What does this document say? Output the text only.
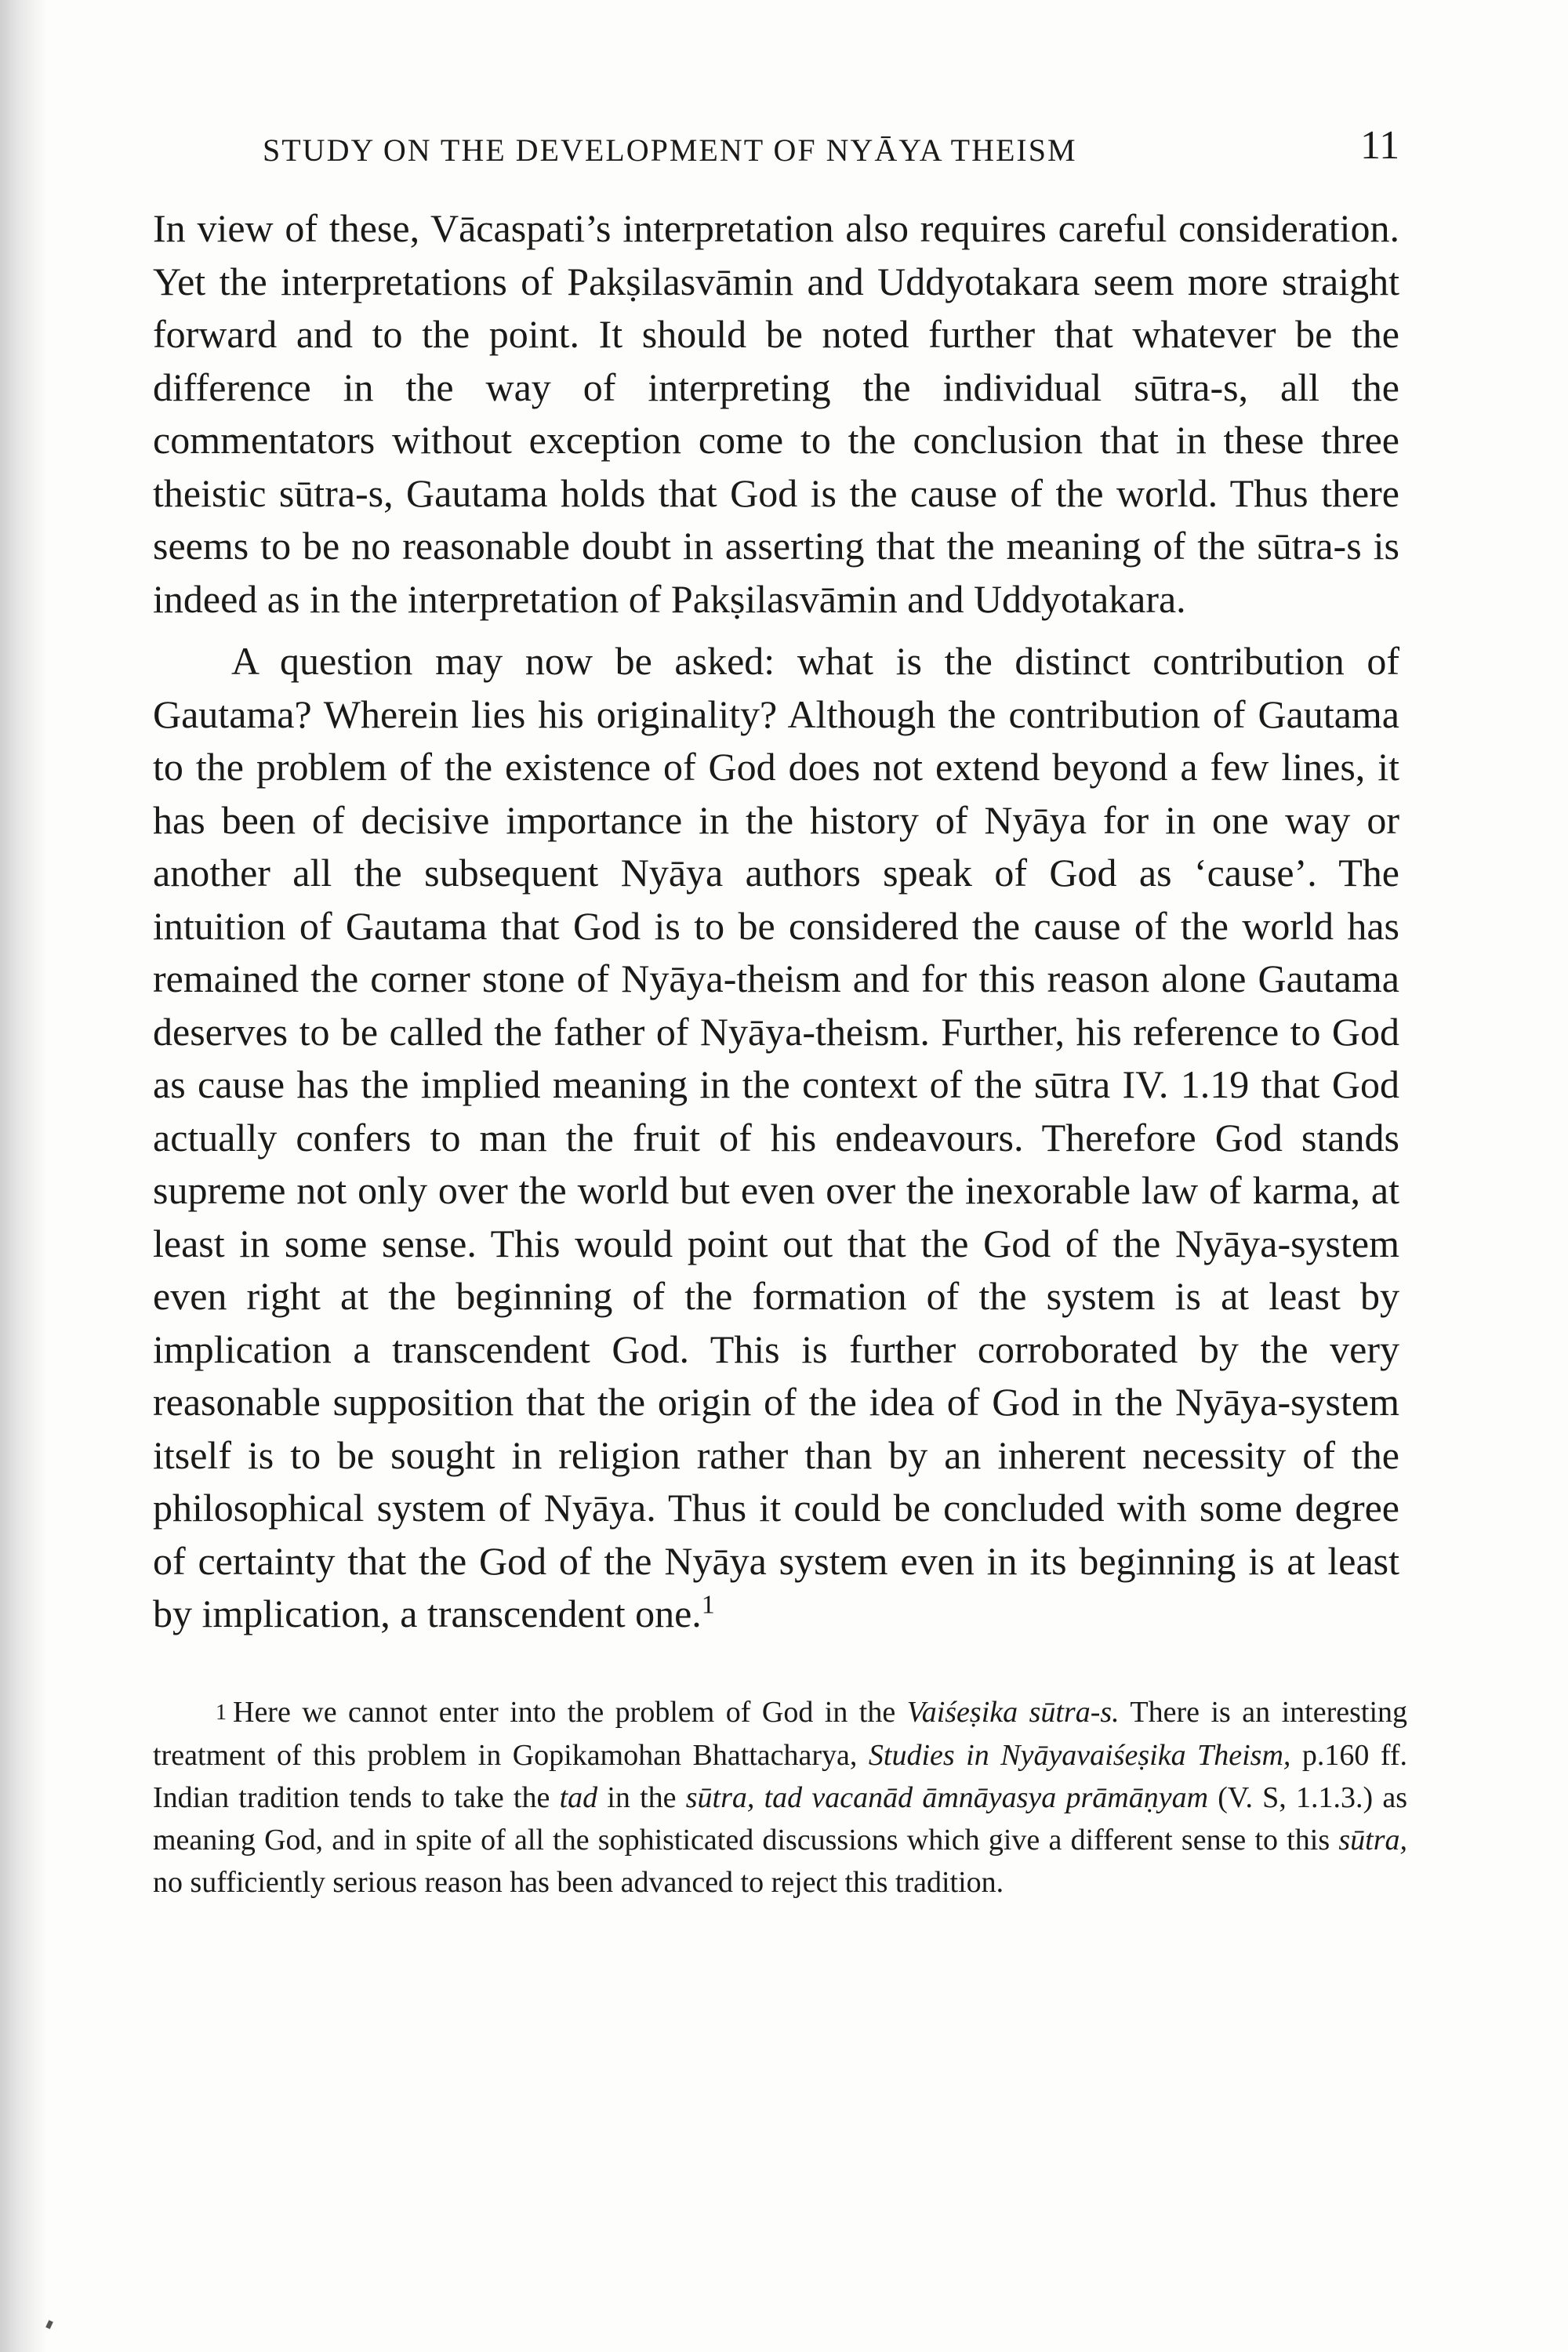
STUDY ON THE DEVELOPMENT OF NYĀYA THEISM	11

In view of these, Vācaspati’s interpretation also requires careful consideration. Yet the interpretations of Pakṣilasvāmin and Uddyotakara seem more straight forward and to the point. It should be noted further that whatever be the difference in the way of interpreting the individual sūtra-s, all the commentators without exception come to the conclusion that in these three theistic sūtra-s, Gautama holds that God is the cause of the world. Thus there seems to be no reasonable doubt in asserting that the meaning of the sūtra-s is indeed as in the interpretation of Pakṣilasvāmin and Uddyotakara.

A question may now be asked: what is the distinct contribution of Gautama? Wherein lies his originality? Although the contribution of Gautama to the problem of the existence of God does not extend beyond a few lines, it has been of decisive importance in the history of Nyāya for in one way or another all the subsequent Nyāya authors speak of God as ‘cause’. The intuition of Gautama that God is to be considered the cause of the world has remained the corner stone of Nyāya-theism and for this reason alone Gautama deserves to be called the father of Nyāya-theism. Further, his reference to God as cause has the implied meaning in the context of the sūtra IV. 1.19 that God actually confers to man the fruit of his endeavours. Therefore God stands supreme not only over the world but even over the inexorable law of karma, at least in some sense. This would point out that the God of the Nyāya-system even right at the beginning of the formation of the system is at least by implication a transcendent God. This is further corroborated by the very reasonable supposition that the origin of the idea of God in the Nyāya-system itself is to be sought in religion rather than by an inherent necessity of the philosophical system of Nyāya. Thus it could be concluded with some degree of certainty that the God of the Nyāya system even in its beginning is at least by implication, a transcendent one.$^1$

1 Here we cannot enter into the problem of God in the Vaiśeṣika sūtra-s. There is an interesting treatment of this problem in Gopikamohan Bhattacharya, Studies in Nyāyavaiśeṣika Theism, p.160 ff. Indian tradition tends to take the tad in the sūtra, tad vacanād āmnāyasya prāmāṇyam (V. S, 1.1.3.) as meaning God, and in spite of all the sophisticated discussions which give a different sense to this sūtra, no sufficiently serious reason has been advanced to reject this tradition.
